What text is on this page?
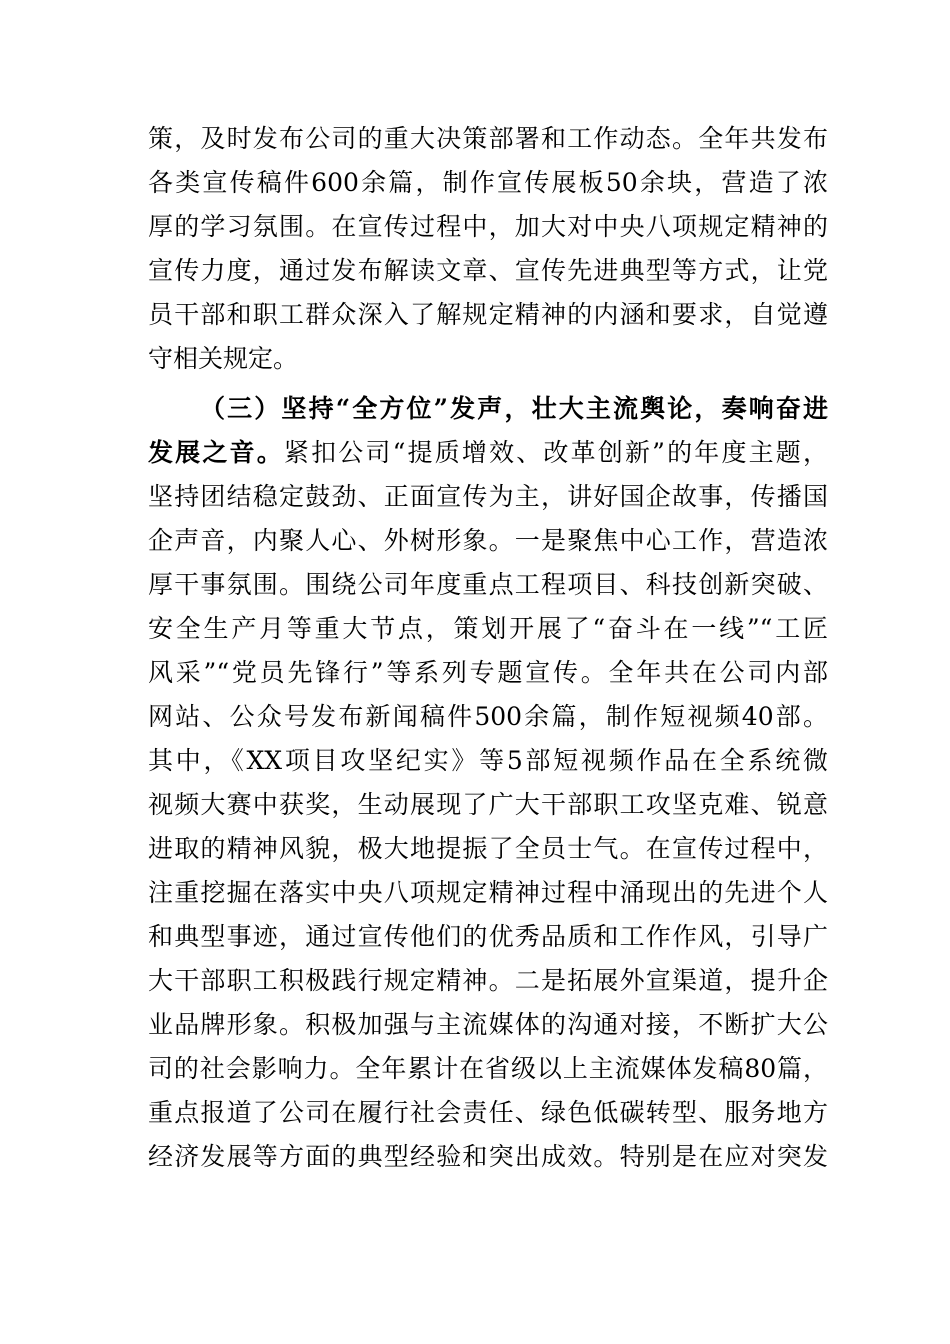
策，及时发布公司的重大决策部署和工作动态。全年共发布
各类宣传稿件600余篇，制作宣传展板50余块，营造了浓
厚的学习氛围。在宣传过程中，加大对中央八项规定精神的
宣传力度，通过发布解读文章、宣传先进典型等方式，让党
员干部和职工群众深入了解规定精神的内涵和要求，自觉遵
守相关规定。
（三）坚持“全方位”发声，壮大主流舆论，奏响奋进
发展之音。紧扣公司“提质增效、改革创新”的年度主题，
坚持团结稳定鼓劲、正面宣传为主，讲好国企故事，传播国
企声音，内聚人心、外树形象。一是聚焦中心工作，营造浓
厚干事氛围。围绕公司年度重点工程项目、科技创新突破、
安全生产月等重大节点，策划开展了“奋斗在一线”“工匠
风采”“党员先锋行”等系列专题宣传。全年共在公司内部
网站、公众号发布新闻稿件500余篇，制作短视频40部。
其中，《XX项目攻坚纪实》等5部短视频作品在全系统微
视频大赛中获奖，生动展现了广大干部职工攻坚克难、锐意
进取的精神风貌，极大地提振了全员士气。在宣传过程中，
注重挖掘在落实中央八项规定精神过程中涌现出的先进个人
和典型事迹，通过宣传他们的优秀品质和工作作风，引导广
大干部职工积极践行规定精神。二是拓展外宣渠道，提升企
业品牌形象。积极加强与主流媒体的沟通对接，不断扩大公
司的社会影响力。全年累计在省级以上主流媒体发稿80篇，
重点报道了公司在履行社会责任、绿色低碳转型、服务地方
经济发展等方面的典型经验和突出成效。特别是在应对突发
